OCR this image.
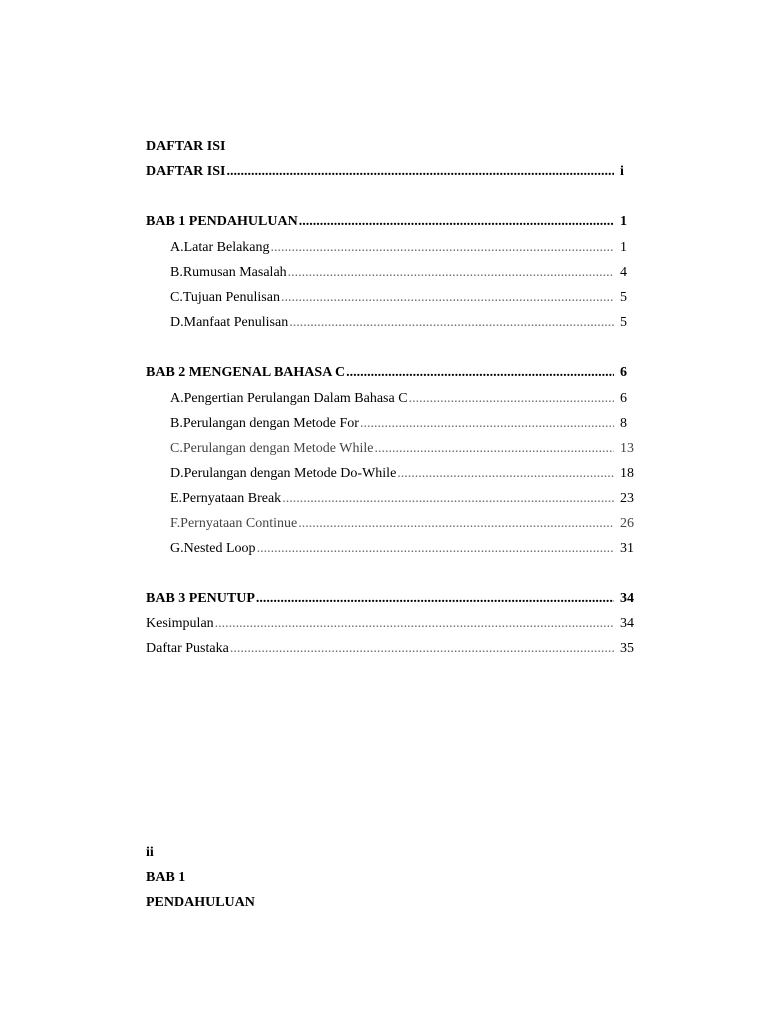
DAFTAR ISI
DAFTAR ISI .....	i
BAB 1 PENDAHULUAN .....	1
A. Latar Belakang .....	1
B. Rumusan Masalah .....	4
C. Tujuan Penulisan .....	5
D. Manfaat Penulisan .....	5
BAB 2 MENGENAL BAHASA C .....	6
A. Pengertian Perulangan Dalam Bahasa C .....	6
B. Perulangan dengan Metode For .....	8
C. Perulangan dengan Metode While .....	13
D. Perulangan dengan Metode Do-While .....	18
E. Pernyataan Break .....	23
F. Pernyataan Continue .....	26
G. Nested Loop .....	31
BAB 3 PENUTUP .....	34
Kesimpulan .....	34
Daftar Pustaka .....	35
ii
BAB 1
PENDAHULUAN
